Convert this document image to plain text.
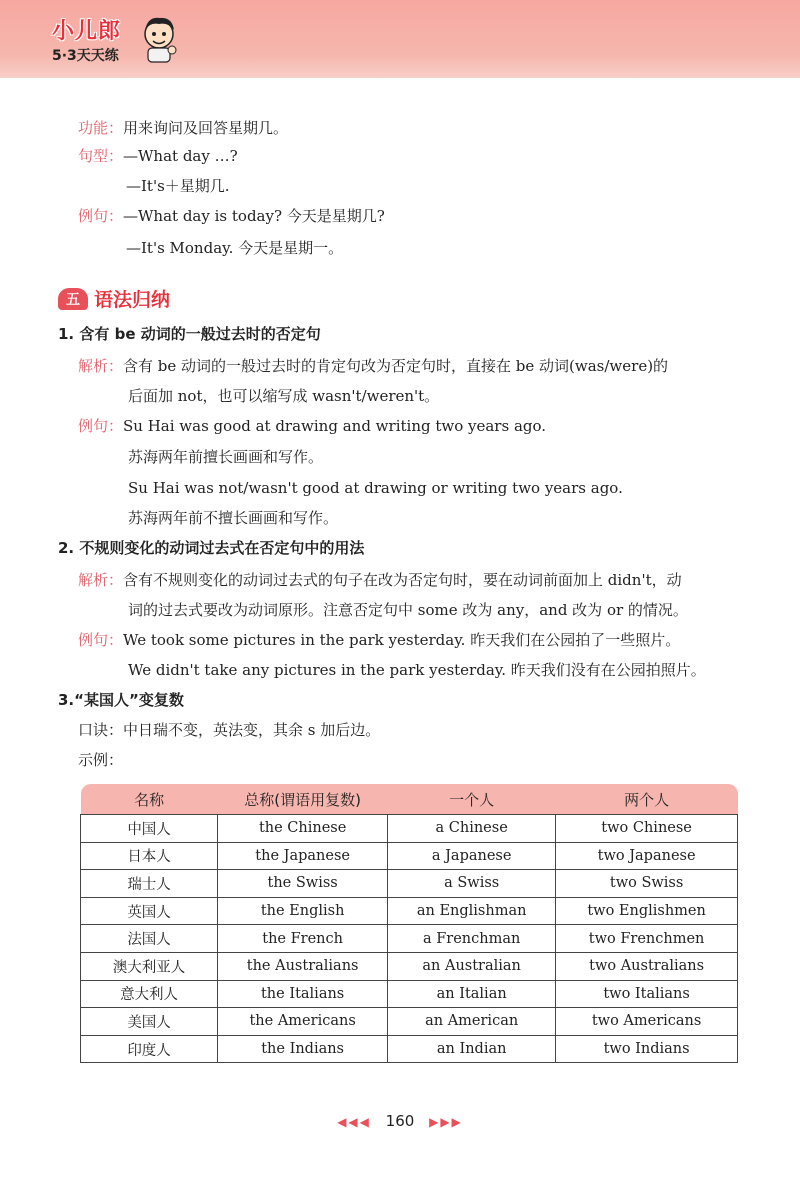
小儿郎
5·3天天练
功能：用来询问及回答星期几。
句型：—What day …?
—It's＋星期几.
例句：—What day is today? 今天是星期几?
—It's Monday. 今天是星期一。
五 语法归纳
1. 含有 be 动词的一般过去时的否定句
解析：含有 be 动词的一般过去时的肯定句改为否定句时，直接在 be 动词(was/were)的
后面加 not，也可以缩写成 wasn't/weren't。
例句：Su Hai was good at drawing and writing two years ago.
苏海两年前擅长画画和写作。
Su Hai was not/wasn't good at drawing or writing two years ago.
苏海两年前不擅长画画和写作。
2. 不规则变化的动词过去式在否定句中的用法
解析：含有不规则变化的动词过去式的句子在改为否定句时，要在动词前面加上 didn't，动
词的过去式要改为动词原形。注意否定句中 some 改为 any，and 改为 or 的情况。
例句：We took some pictures in the park yesterday. 昨天我们在公园拍了一些照片。
We didn't take any pictures in the park yesterday. 昨天我们没有在公园拍照片。
3.“某国人”变复数
口诀：中日瑞不变，英法变，其余 s 加后边。
示例：
名称	总称(谓语用复数)	一个人	两个人
中国人	the Chinese	a Chinese	two Chinese
日本人	the Japanese	a Japanese	two Japanese
瑞士人	the Swiss	a Swiss	two Swiss
英国人	the English	an Englishman	two Englishmen
法国人	the French	a Frenchman	two Frenchmen
澳大利亚人	the Australians	an Australian	two Australians
意大利人	the Italians	an Italian	two Italians
美国人	the Americans	an American	two Americans
印度人	the Indians	an Indian	two Indians
◀◀◀ 160 ▶▶▶
